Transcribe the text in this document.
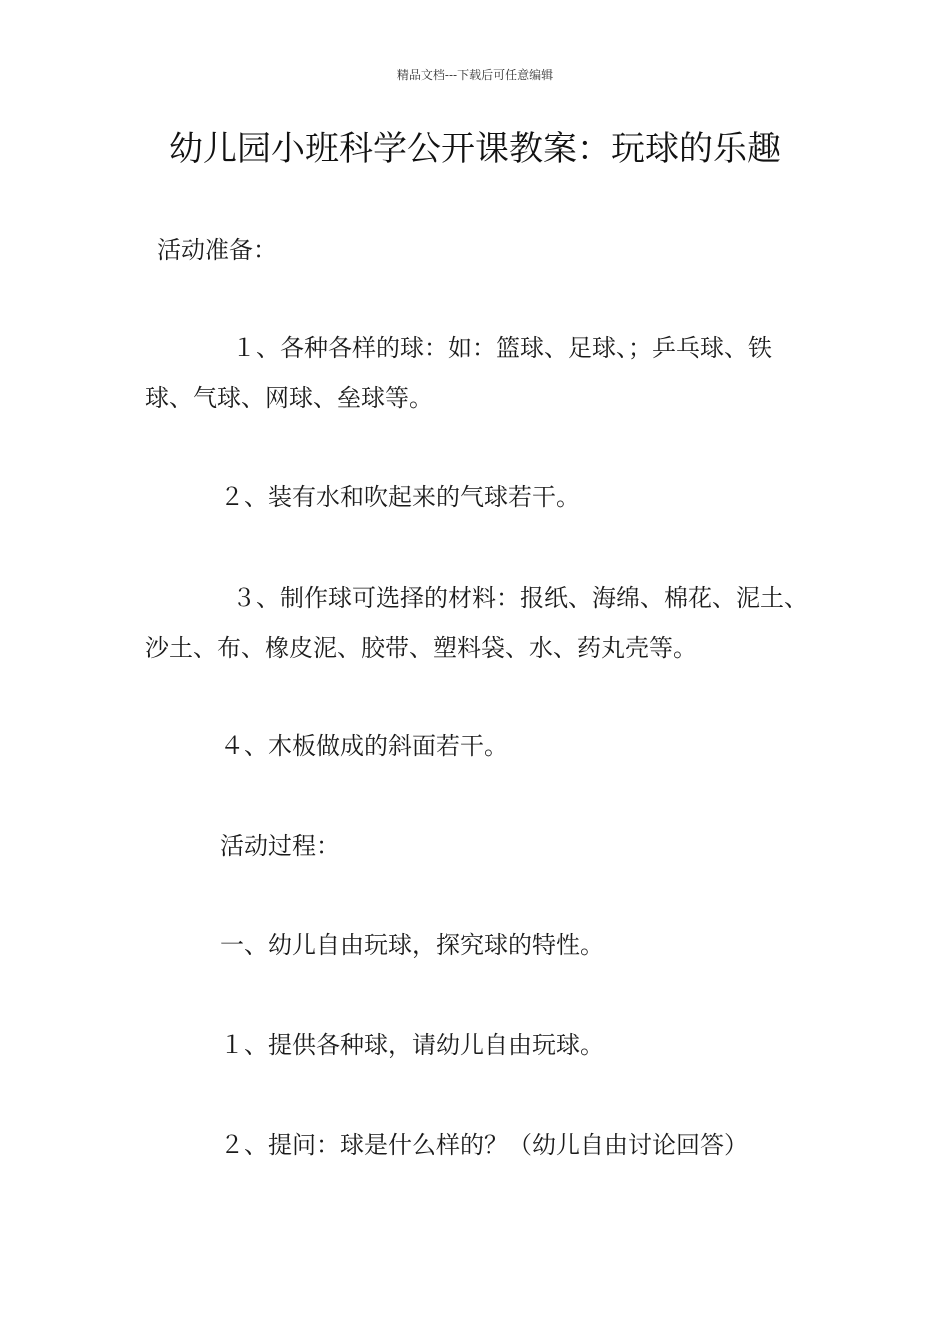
精品文档---下载后可任意编辑
幼儿园小班科学公开课教案：玩球的乐趣

活动准备：

１、各种各样的球：如：篮球、足球、；乒乓球、铁球、气球、网球、垒球等。

２、装有水和吹起来的气球若干。

３、制作球可选择的材料：报纸、海绵、棉花、泥土、沙土、布、橡皮泥、胶带、塑料袋、水、药丸壳等。

４、木板做成的斜面若干。

活动过程：

一、幼儿自由玩球，探究球的特性。

１、提供各种球，请幼儿自由玩球。

２、提问：球是什么样的？（幼儿自由讨论回答）
